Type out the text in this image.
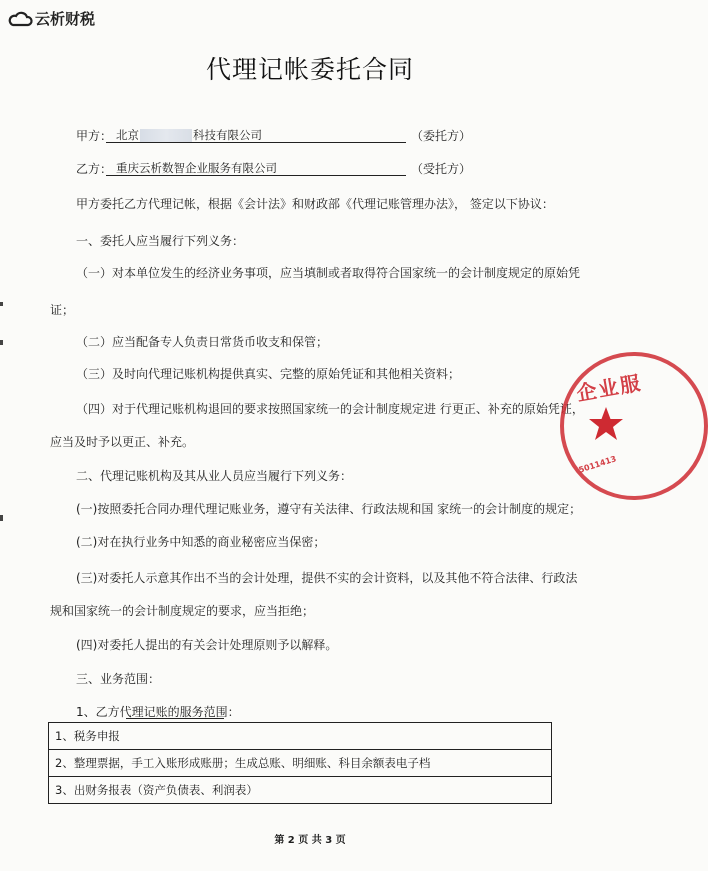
云析财税
代理记帐委托合同
甲方： 北京	科技有限公司	（委托方）
乙方： 重庆云析数智企业服务有限公司	（受托方）
甲方委托乙方代理记帐，根据《会计法》和财政部《代理记账管理办法》， 签定以下协议：
一、委托人应当履行下列义务：
（一）对本单位发生的经济业务事项，应当填制或者取得符合国家统一的会计制度规定的原始凭
证；
（二）应当配备专人负责日常货币收支和保管；
（三）及时向代理记账机构提供真实、完整的原始凭证和其他相关资料；
（四）对于代理记账机构退回的要求按照国家统一的会计制度规定进 行更正、补充的原始凭证，
应当及时予以更正、补充。
二、代理记账机构及其从业人员应当履行下列义务：
(一)按照委托合同办理代理记账业务，遵守有关法律、行政法规和国 家统一的会计制度的规定；
(二)对在执行业务中知悉的商业秘密应当保密；
(三)对委托人示意其作出不当的会计处理，提供不实的会计资料，以及其他不符合法律、行政法
规和国家统一的会计制度规定的要求，应当拒绝；
(四)对委托人提出的有关会计处理原则予以解释。
三、业务范围：
1、乙方代理记账的服务范围：
1、税务申报
2、整理票据，手工入账形成账册；生成总账、明细账、科目余额表电子档
3、出财务报表（资产负债表、利润表）
第 2 页 共 3 页
企业服
5011413
